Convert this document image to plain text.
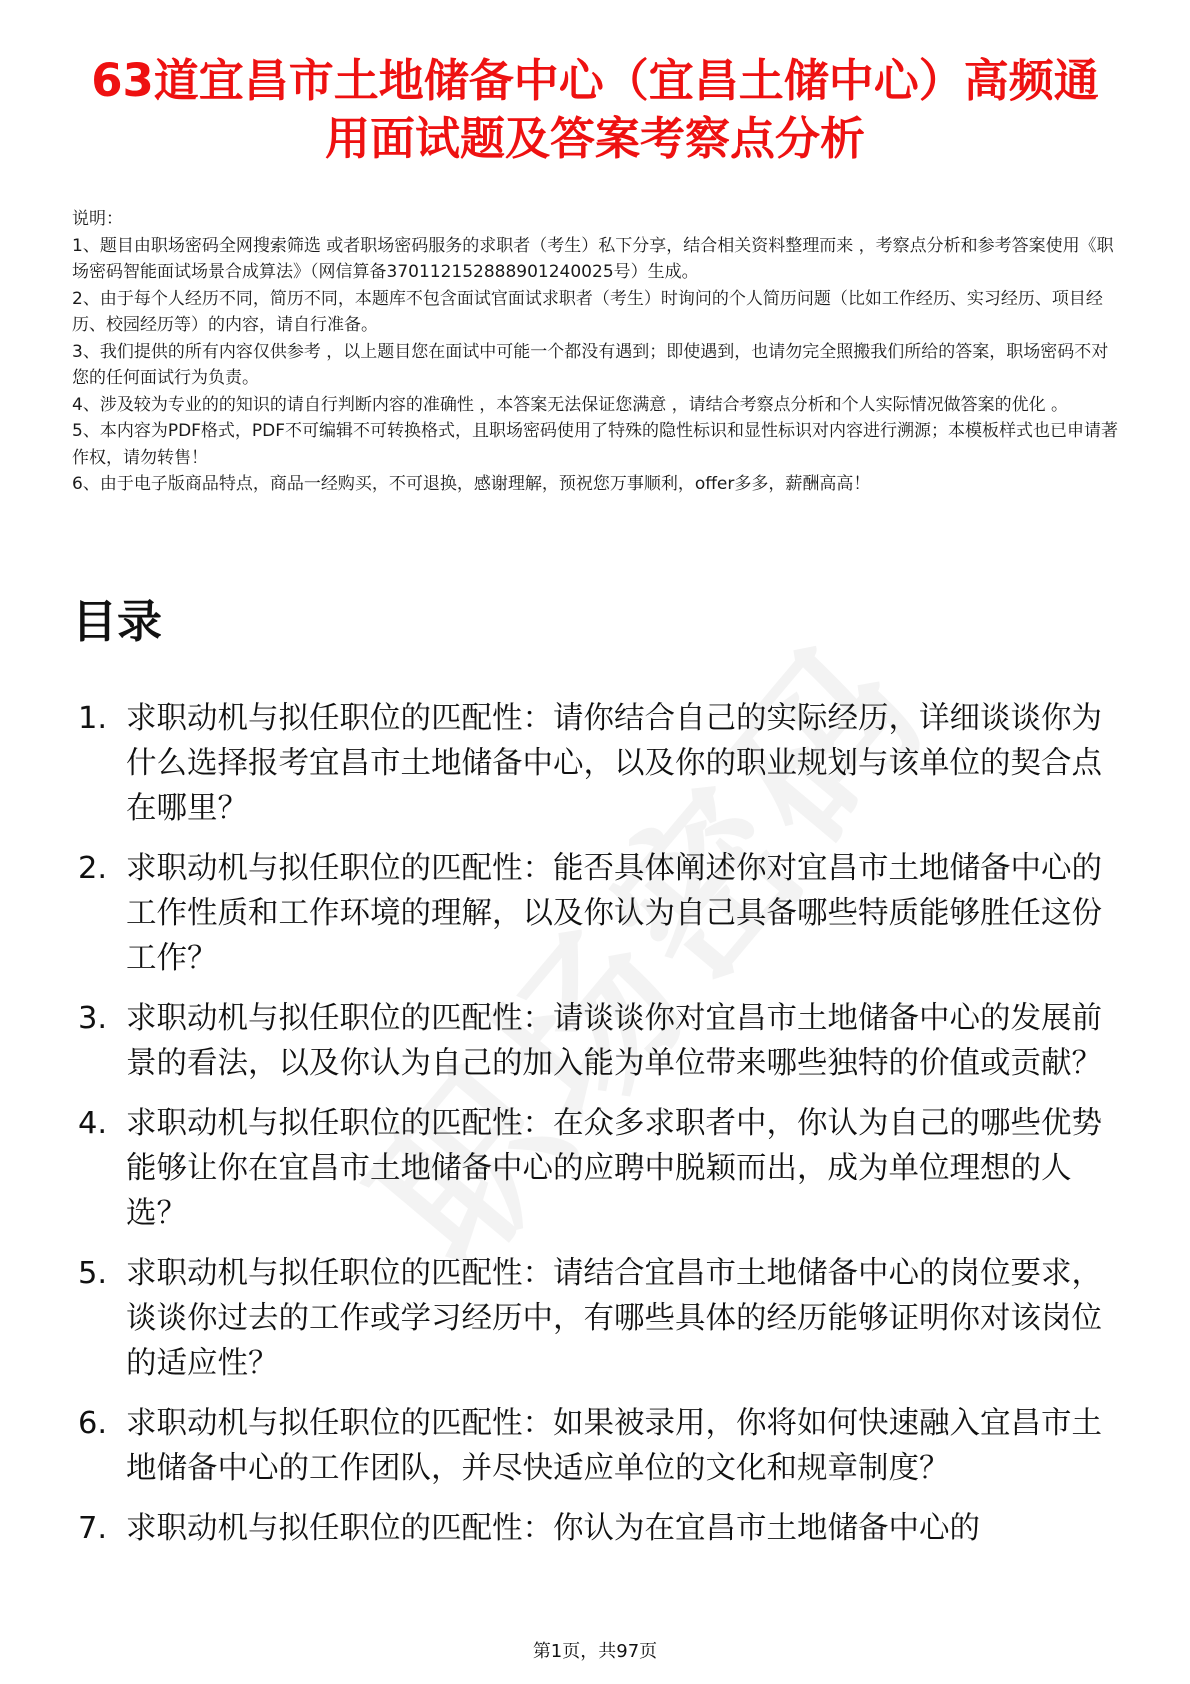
63道宜昌市土地储备中心（宜昌土储中心）高频通用面试题及答案考察点分析

说明：

1、题目由职场密码全网搜索筛选 或者职场密码服务的求职者（考生）私下分享，结合相关资料整理而来 ，考察点分析和参考答案使用《职场密码智能面试场景合成算法》（网信算备370112152888901240025号）生成。

2、由于每个人经历不同，简历不同，本题库不包含面试官面试求职者（考生）时询问的个人简历问题（比如工作经历、实习经历、项目经历、校园经历等）的内容，请自行准备。

3、我们提供的所有内容仅供参考 ，以上题目您在面试中可能一个都没有遇到；即使遇到，也请勿完全照搬我们所给的答案，职场密码不对您的任何面试行为负责。

4、涉及较为专业的的知识的请自行判断内容的准确性 ，本答案无法保证您满意 ，请结合考察点分析和个人实际情况做答案的优化 。

5、本内容为PDF格式，PDF不可编辑不可转换格式，且职场密码使用了特殊的隐性标识和显性标识对内容进行溯源；本模板样式也已申请著作权，请勿转售！

6、由于电子版商品特点，商品一经购买，不可退换，感谢理解，预祝您万事顺利，offer多多，薪酬高高！

目录
1. 求职动机与拟任职位的匹配性：请你结合自己的实际经历，详细谈谈你为什么选择报考宜昌市土地储备中心，以及你的职业规划与该单位的契合点在哪里？
2. 求职动机与拟任职位的匹配性：能否具体阐述你对宜昌市土地储备中心的工作性质和工作环境的理解，以及你认为自己具备哪些特质能够胜任这份工作？
3. 求职动机与拟任职位的匹配性：请谈谈你对宜昌市土地储备中心的发展前景的看法，以及你认为自己的加入能为单位带来哪些独特的价值或贡献？
4. 求职动机与拟任职位的匹配性：在众多求职者中，你认为自己的哪些优势能够让你在宜昌市土地储备中心的应聘中脱颖而出，成为单位理想的人选？
5. 求职动机与拟任职位的匹配性：请结合宜昌市土地储备中心的岗位要求，谈谈你过去的工作或学习经历中，有哪些具体的经历能够证明你对该岗位的适应性？
6. 求职动机与拟任职位的匹配性：如果被录用，你将如何快速融入宜昌市土地储备中心的工作团队，并尽快适应单位的文化和规章制度？
7. 求职动机与拟任职位的匹配性：你认为在宜昌市土地储备中心的
第1页，共97页
